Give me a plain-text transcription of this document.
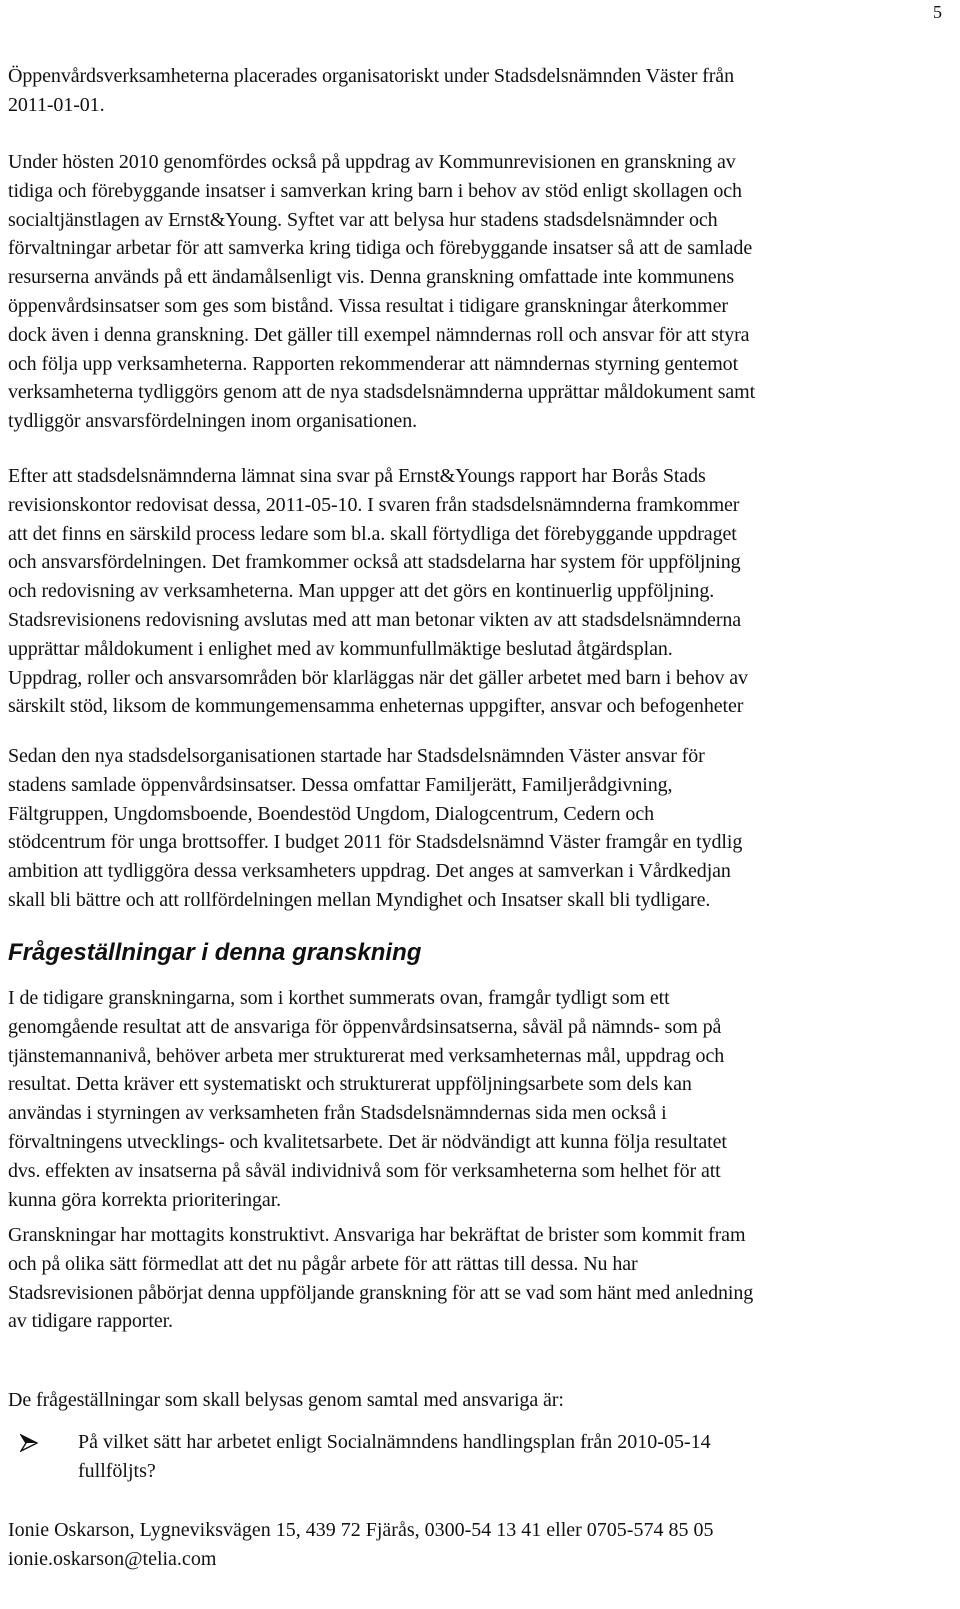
5

Öppenvårdsverksamheterna placerades organisatoriskt under Stadsdelsnämnden Väster från
2011-01-01.

Under hösten 2010 genomfördes också på uppdrag av Kommunrevisionen en granskning av
tidiga och förebyggande insatser i samverkan kring barn i behov av stöd enligt skollagen och
socialtjänstlagen av Ernst&Young. Syftet var att belysa hur stadens stadsdelsnämnder och
förvaltningar arbetar för att samverka kring tidiga och förebyggande insatser så att de samlade
resurserna används på ett ändamålsenligt vis. Denna granskning omfattade inte kommunens
öppenvårdsinsatser som ges som bistånd. Vissa resultat i tidigare granskningar återkommer
dock även i denna granskning. Det gäller till exempel nämndernas roll och ansvar för att styra
och följa upp verksamheterna. Rapporten rekommenderar att nämndernas styrning gentemot
verksamheterna tydliggörs genom att de nya stadsdelsnämnderna upprättar måldokument samt
tydliggör ansvarsfördelningen inom organisationen.

Efter att stadsdelsnämnderna lämnat sina svar på Ernst&Youngs rapport har Borås Stads
revisionskontor redovisat dessa, 2011-05-10. I svaren från stadsdelsnämnderna framkommer
att det finns en särskild process ledare som bl.a. skall förtydliga det förebyggande uppdraget
och ansvarsfördelningen. Det framkommer också att stadsdelarna har system för uppföljning
och redovisning av verksamheterna. Man uppger att det görs en kontinuerlig uppföljning.
Stadsrevisionens redovisning avslutas med att man betonar vikten av att stadsdelsnämnderna
upprättar måldokument i enlighet med av kommunfullmäktige beslutad åtgärdsplan.
Uppdrag, roller och ansvarsområden bör klarläggas när det gäller arbetet med barn i behov av
särskilt stöd, liksom de kommungemensamma enheternas uppgifter, ansvar och befogenheter

Sedan den nya stadsdelsorganisationen startade har Stadsdelsnämnden Väster ansvar för
stadens samlade öppenvårdsinsatser. Dessa omfattar Familjerätt, Familjerådgivning,
Fältgruppen, Ungdomsboende, Boendestöd Ungdom, Dialogcentrum, Cedern och
stödcentrum för unga brottsoffer. I budget 2011 för Stadsdelsnämnd Väster framgår en tydlig
ambition att tydliggöra dessa verksamheters uppdrag. Det anges at samverkan i Vårdkedjan
skall bli bättre och att rollfördelningen mellan Myndighet och Insatser skall bli tydligare.

Frågeställningar i denna granskning

I de tidigare granskningarna, som i korthet summerats ovan, framgår tydligt som ett
genomgående resultat att de ansvariga för öppenvårdsinsatserna, såväl på nämnds- som på
tjänstemannanivå, behöver arbeta mer strukturerat med verksamheternas mål, uppdrag och
resultat. Detta kräver ett systematiskt och strukturerat uppföljningsarbete som dels kan
användas i styrningen av verksamheten från Stadsdelsnämndernas sida men också i
förvaltningens utvecklings- och kvalitetsarbete. Det är nödvändigt att kunna följa resultatet
dvs. effekten av insatserna på såväl individnivå som för verksamheterna som helhet för att
kunna göra korrekta prioriteringar.

Granskningar har mottagits konstruktivt. Ansvariga har bekräftat de brister som kommit fram
och på olika sätt förmedlat att det nu pågår arbete för att rättas till dessa. Nu har
Stadsrevisionen påbörjat denna uppföljande granskning för att se vad som hänt med anledning
av tidigare rapporter.

De frågeställningar som skall belysas genom samtal med ansvariga är:

På vilket sätt har arbetet enligt Socialnämndens handlingsplan från 2010-05-14
fullföljts?

Ionie Oskarson, Lygneviksvägen 15, 439 72 Fjärås, 0300-54 13 41 eller 0705-574 85 05
ionie.oskarson@telia.com
